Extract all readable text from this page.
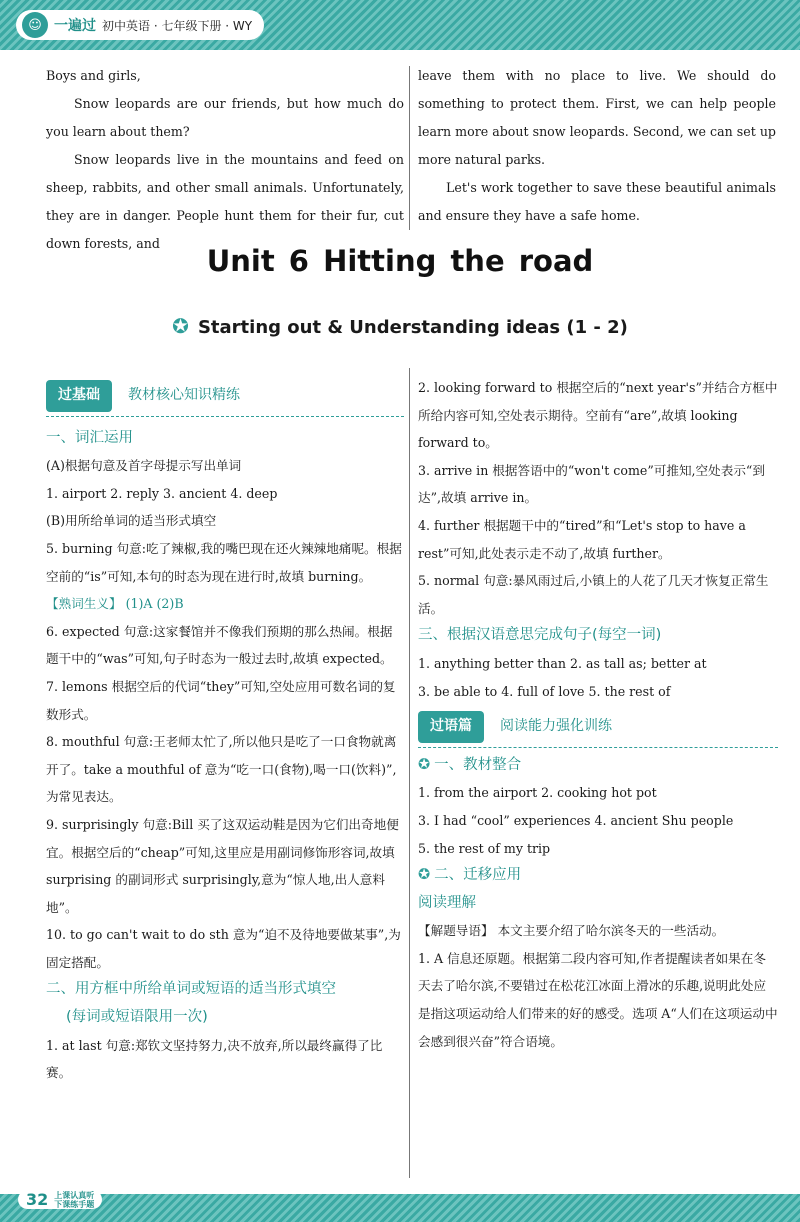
☺ 一遍过 初中英语 · 七年级下册 · WY

Boys and girls,

Snow leopards are our friends, but how much do you learn about them?

Snow leopards live in the mountains and feed on sheep, rabbits, and other small animals. Unfortunately, they are in danger. People hunt them for their fur, cut down forests, and

leave them with no place to live. We should do something to protect them. First, we can help people learn more about snow leopards. Second, we can set up more natural parks.

Let's work together to save these beautiful animals and ensure they have a safe home.

Unit 6 Hitting the road
✪ Starting out & Understanding ideas (1 - 2)
过基础 教材核心知识精练

一、词汇运用

(A)根据句意及首字母提示写出单词

1. airport 2. reply 3. ancient 4. deep

(B)用所给单词的适当形式填空

5. burning 句意:吃了辣椒,我的嘴巴现在还火辣辣地痛呢。根据空前的“is”可知,本句的时态为现在进行时,故填 burning。

【熟词生义】 (1)A (2)B

6. expected 句意:这家餐馆并不像我们预期的那么热闹。根据题干中的“was”可知,句子时态为一般过去时,故填 expected。

7. lemons 根据空后的代词“they”可知,空处应用可数名词的复数形式。

8. mouthful 句意:王老师太忙了,所以他只是吃了一口食物就离开了。take a mouthful of 意为“吃一口(食物),喝一口(饮料)”,为常见表达。

9. surprisingly 句意:Bill 买了这双运动鞋是因为它们出奇地便宜。根据空后的“cheap”可知,这里应是用副词修饰形容词,故填 surprising 的副词形式 surprisingly,意为“惊人地,出人意料地”。

10. to go can't wait to do sth 意为“迫不及待地要做某事”,为固定搭配。

二、用方框中所给单词或短语的适当形式填空

(每词或短语限用一次)

1. at last 句意:郑钦文坚持努力,决不放弃,所以最终赢得了比赛。

2. looking forward to 根据空后的“next year's”并结合方框中所给内容可知,空处表示期待。空前有“are”,故填 looking forward to。

3. arrive in 根据答语中的“won't come”可推知,空处表示“到达”,故填 arrive in。

4. further 根据题干中的“tired”和“Let's stop to have a rest”可知,此处表示走不动了,故填 further。

5. normal 句意:暴风雨过后,小镇上的人花了几天才恢复正常生活。

三、根据汉语意思完成句子(每空一词)

1. anything better than 2. as tall as; better at

3. be able to 4. full of love 5. the rest of

过语篇 阅读能力强化训练

✪ 一、教材整合

1. from the airport 2. cooking hot pot

3. I had “cool” experiences 4. ancient Shu people

5. the rest of my trip

✪ 二、迁移应用

阅读理解

【解题导语】 本文主要介绍了哈尔滨冬天的一些活动。

1. A 信息还原题。根据第二段内容可知,作者提醒读者如果在冬天去了哈尔滨,不要错过在松花江冰面上滑冰的乐趣,说明此处应是指这项运动给人们带来的好的感受。选项 A“人们在这项运动中会感到很兴奋”符合语境。

32 上课认真听
下课练手题
